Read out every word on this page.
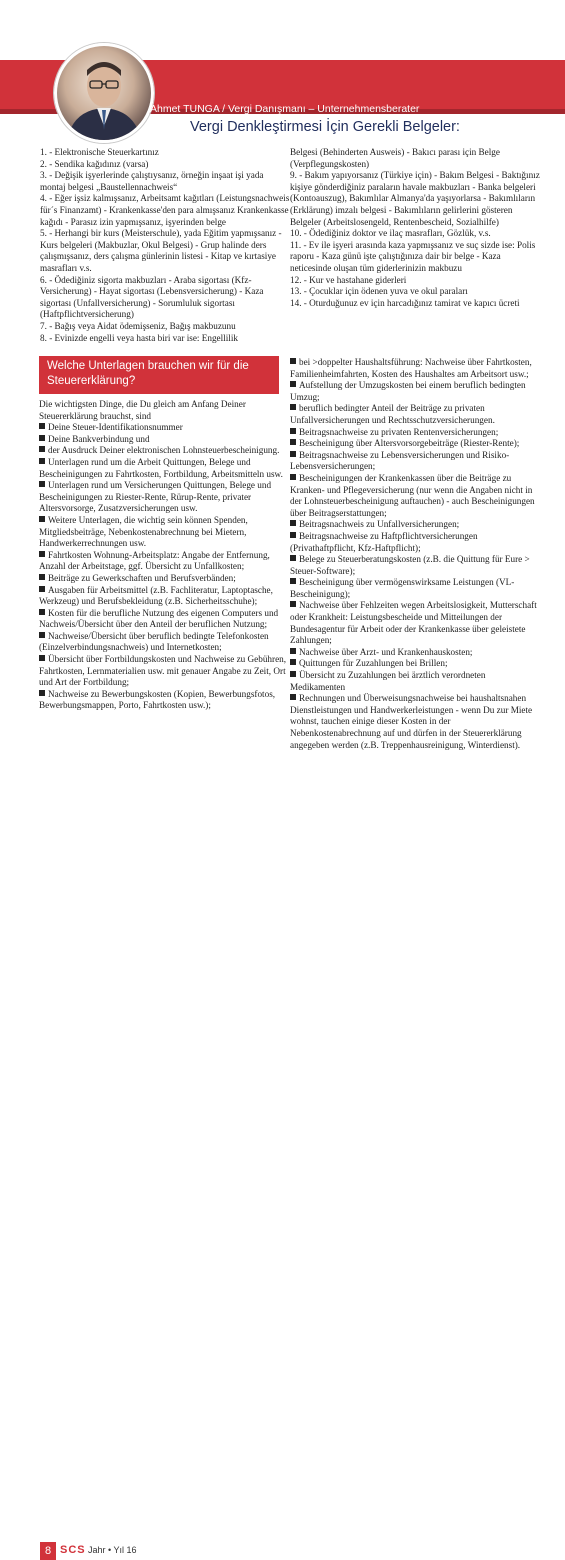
Ahmet TUNGA / Vergi Danışmanı – Unternehmensberater
Vergi Denkleştirmesi İçin Gerekli Belgeler:

1. - Elektronische Steuerkartınız

2. - Sendika kağıdınız (varsa)

3. - Değişik işyerlerinde çalıştıysanız, örneğin inşaat işi yada montaj belgesi „Baustellennachweis“

4. - Eğer işsiz kalmışsanız, Arbeitsamt kağıtları (Leistungsnachweis für´s Finanzamt) - Krankenkasse'den para almışsanız Krankenkasse kağıdı - Parasız izin yapmışsanız, işyerinden belge

5. - Herhangi bir kurs (Meisterschule), yada Eğitim yapmışsanız - Kurs belgeleri (Makbuzlar, Okul Belgesi) - Grup halinde ders çalışmışsanız, ders çalışma günlerinin listesi - Kitap ve kırtasiye masrafları v.s.

6. - Ödediğiniz sigorta makbuzları - Araba sigortası (Kfz-Versicherung) - Hayat sigortası (Lebensversicherung) - Kaza sigortası (Unfallversicherung) - Sorumluluk sigortası (Haftpflichtversicherung)

7. - Bağış veya Aidat ödemişseniz, Bağış makbuzunu

8. - Evinizde engelli veya hasta biri var ise: Engellilik

Belgesi (Behinderten Ausweis) - Bakıcı parası için Belge (Verpflegungskosten)

9. - Bakım yapıyorsanız (Türkiye için) - Bakım Belgesi - Baktığınız kişiye gönderdiğiniz paraların havale makbuzları - Banka belgeleri (Kontoauszug), Bakımlılar Almanya'da yaşıyorlarsa - Bakımlıların (Erklärung) imzalı belgesi - Bakımlıların gelirlerini gösteren Belgeler (Arbeitslosengeld, Rentenbescheid, Sozialhilfe)

10. - Ödediğiniz doktor ve ilaç masrafları, Gözlük, v.s.

11. - Ev ile işyeri arasında kaza yapmışsanız ve suç sizde ise: Polis raporu - Kaza günü işte çalıştığınıza dair bir belge - Kaza neticesinde oluşan tüm giderlerinizin makbuzu

12. - Kur ve hastahane giderleri

13. - Çocuklar için ödenen yuva ve okul paraları

14. - Oturduğunuz ev için harcadığınız tamirat ve kapıcı ücreti

Welche Unterlagen brauchen wir für die Steuererklärung?

Die wichtigsten Dinge, die Du gleich am Anfang Deiner Steuererklärung brauchst, sind

Deine Steuer-Identifikationsnummer

Deine Bankverbindung und

der Ausdruck Deiner elektronischen Lohnsteuerbescheinigung.

Unterlagen rund um die Arbeit Quittungen, Belege und Bescheinigungen zu Fahrtkosten, Fortbildung, Arbeitsmitteln usw.

Unterlagen rund um Versicherungen Quittungen, Belege und Bescheinigungen zu Riester-Rente, Rürup-Rente, privater Altersvorsorge, Zusatzversicherungen usw.

Weitere Unterlagen, die wichtig sein können Spenden, Mitgliedsbeiträge, Nebenkostenabrechnung bei Mietern, Handwerkerrechnungen usw.

Fahrtkosten Wohnung-Arbeitsplatz: Angabe der Entfernung, Anzahl der Arbeitstage, ggf. Übersicht zu Unfallkosten;

Beiträge zu Gewerkschaften und Berufsverbänden;

Ausgaben für Arbeitsmittel (z.B. Fachliteratur, Laptoptasche, Werkzeug) und Berufsbekleidung (z.B. Sicherheitsschuhe);

Kosten für die berufliche Nutzung des eigenen Computers und Nachweis/Übersicht über den Anteil der beruflichen Nutzung;

Nachweise/Übersicht über beruflich bedingte Telefonkosten (Einzelverbindungsnachweis) und Internetkosten;

Übersicht über Fortbildungskosten und Nachweise zu Gebühren, Fahrtkosten, Lernmaterialien usw. mit genauer Angabe zu Zeit, Ort und Art der Fortbildung;

Nachweise zu Bewerbungskosten (Kopien, Bewerbungsfotos, Bewerbungsmappen, Porto, Fahrtkosten usw.);

bei >doppelter Haushaltsführung: Nachweise über Fahrtkosten, Familienheimfahrten, Kosten des Haushaltes am Arbeitsort usw.;

Aufstellung der Umzugskosten bei einem beruflich bedingten Umzug;

beruflich bedingter Anteil der Beiträge zu privaten Unfallversicherungen und Rechtsschutzversicherungen.

Beitragsnachweise zu privaten Rentenversicherungen;

Bescheinigung über Altersvorsorgebeiträge (Riester-Rente);

Beitragsnachweise zu Lebensversicherungen und Risiko-Lebensversicherungen;

Bescheinigungen der Krankenkassen über die Beiträge zu Kranken- und Pflegeversicherung (nur wenn die Angaben nicht in der Lohnsteuerbescheinigung auftauchen) - auch Bescheinigungen über Beitragserstattungen;

Beitragsnachweis zu Unfallversicherungen;

Beitragsnachweise zu Haftpflichtversicherungen (Privathaftpflicht, Kfz-Haftpflicht);

Belege zu Steuerberatungskosten (z.B. die Quittung für Eure > Steuer-Software);

Bescheinigung über vermögenswirksame Leistungen (VL-Bescheinigung);

Nachweise über Fehlzeiten wegen Arbeitslosigkeit, Mutterschaft oder Krankheit: Leistungsbescheide und Mitteilungen der Bundesagentur für Arbeit oder der Krankenkasse über geleistete Zahlungen;

Nachweise über Arzt- und Krankenhauskosten;

Quittungen für Zuzahlungen bei Brillen;

Übersicht zu Zuzahlungen bei ärztlich verordneten Medikamenten

Rechnungen und Überweisungsnachweise bei haushaltsnahen Dienstleistungen und Handwerkerleistungen - wenn Du zur Miete wohnst, tauchen einige dieser Kosten in der Nebenkostenabrechnung auf und dürfen in der Steuererklärung angegeben werden (z.B. Treppenhausreinigung, Winterdienst).

8 SCS Jahr • Yıl 16
